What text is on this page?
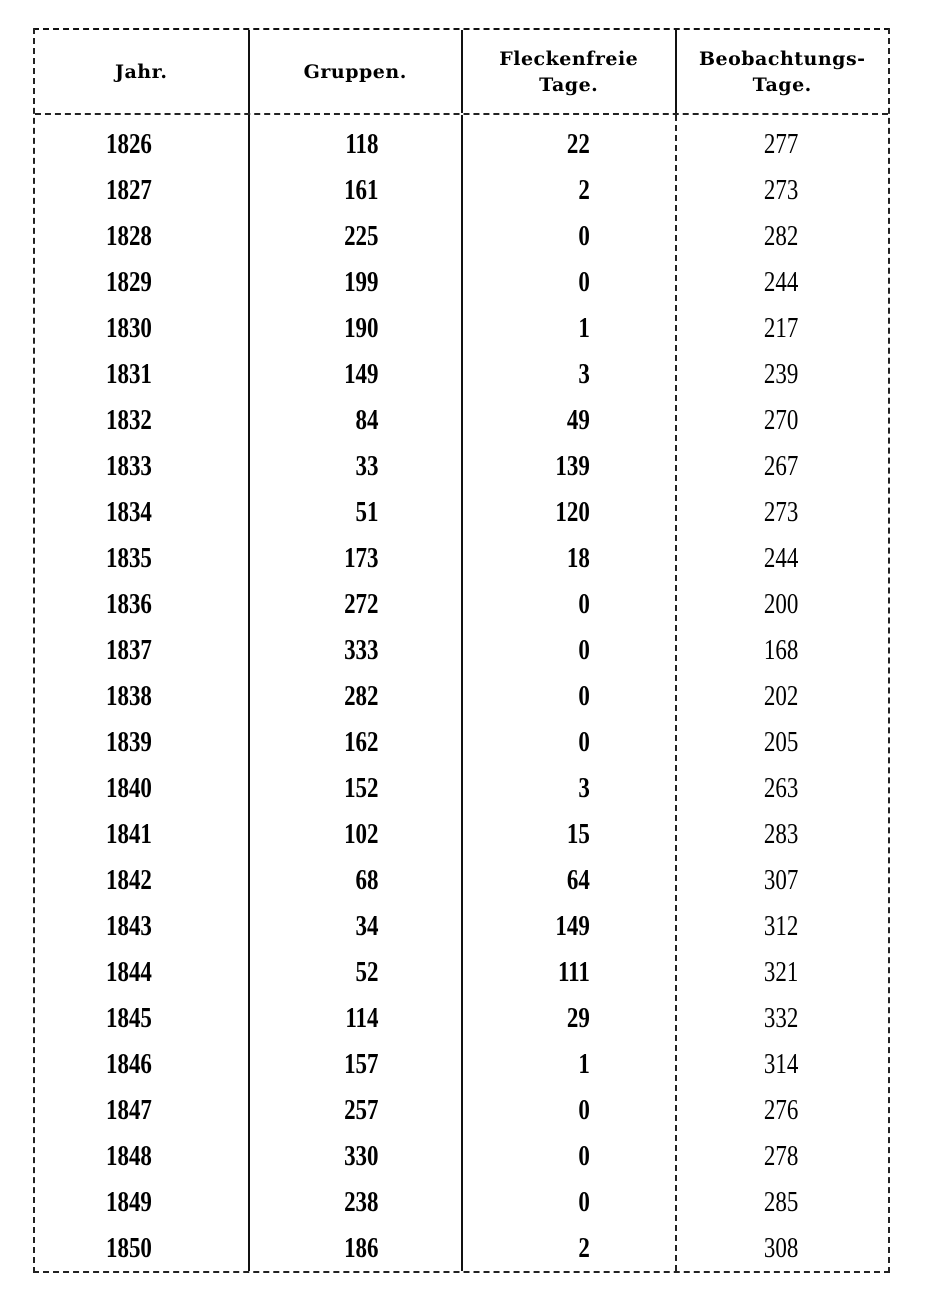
Jahr.	Gruppen.
Fleckenfreie
Tage.
Beobachtungs-
Tage.
1826
1827
1828
1829
1830
1831
1832
1833
1834
1835
1836
1837
1838
1839
1840
1841
1842
1843
1844
1845
1846
1847
1848
1849
1850
118
161
225
199
190
149
84
33
51
173
272
333
282
162
152
102
68
34
52
114
157
257
330
238
186
22
2
0
0
1
3
49
139
120
18
0
0
0
0
3
15
64
149
111
29
1
0
0
0
2
277
273
282
244
217
239
270
267
273
244
200
168
202
205
263
283
307
312
321
332
314
276
278
285
308
